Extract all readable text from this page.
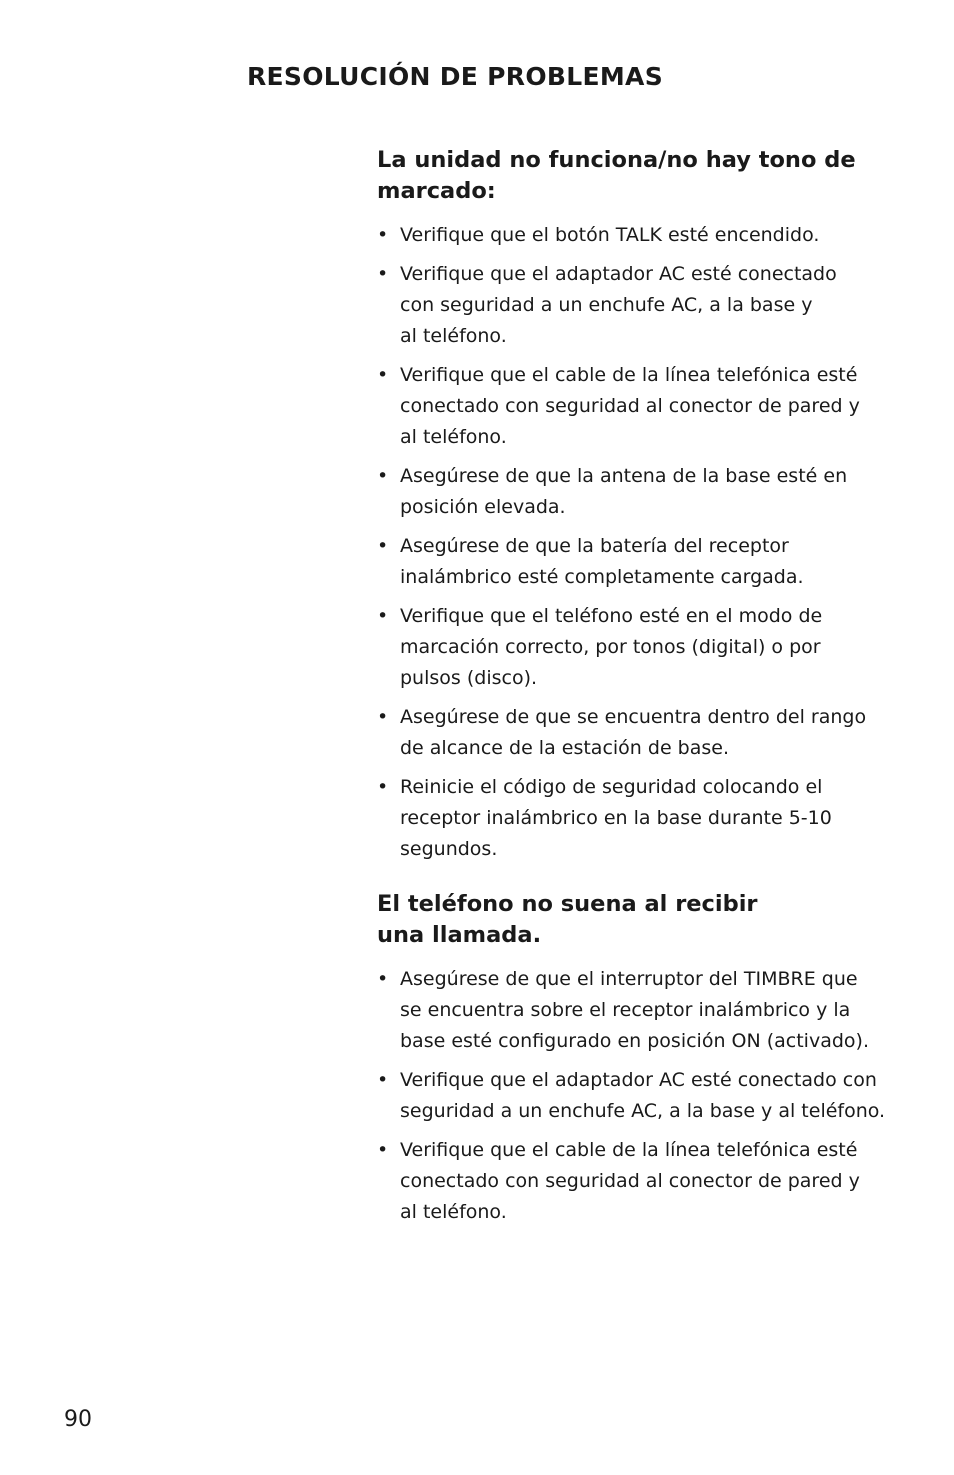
RESOLUCIÓN DE PROBLEMAS
La unidad no funciona/no hay tono de
marcado:
• Verifique que el botón TALK esté encendido.
• Verifique que el adaptador AC esté conectado
con seguridad a un enchufe AC, a la base y
al teléfono.
• Verifique que el cable de la línea telefónica esté
conectado con seguridad al conector de pared y
al teléfono.
• Asegúrese de que la antena de la base esté en
posición elevada.
• Asegúrese de que la batería del receptor
inalámbrico esté completamente cargada.
• Verifique que el teléfono esté en el modo de
marcación correcto, por tonos (digital) o por
pulsos (disco).
• Asegúrese de que se encuentra dentro del rango
de alcance de la estación de base.
• Reinicie el código de seguridad colocando el
receptor inalámbrico en la base durante 5-10
segundos.
El teléfono no suena al recibir
una llamada.
• Asegúrese de que el interruptor del TIMBRE que
se encuentra sobre el receptor inalámbrico y la
base esté configurado en posición ON (activado).
• Verifique que el adaptador AC esté conectado con
seguridad a un enchufe AC, a la base y al teléfono.
• Verifique que el cable de la línea telefónica esté
conectado con seguridad al conector de pared y
al teléfono.

90
